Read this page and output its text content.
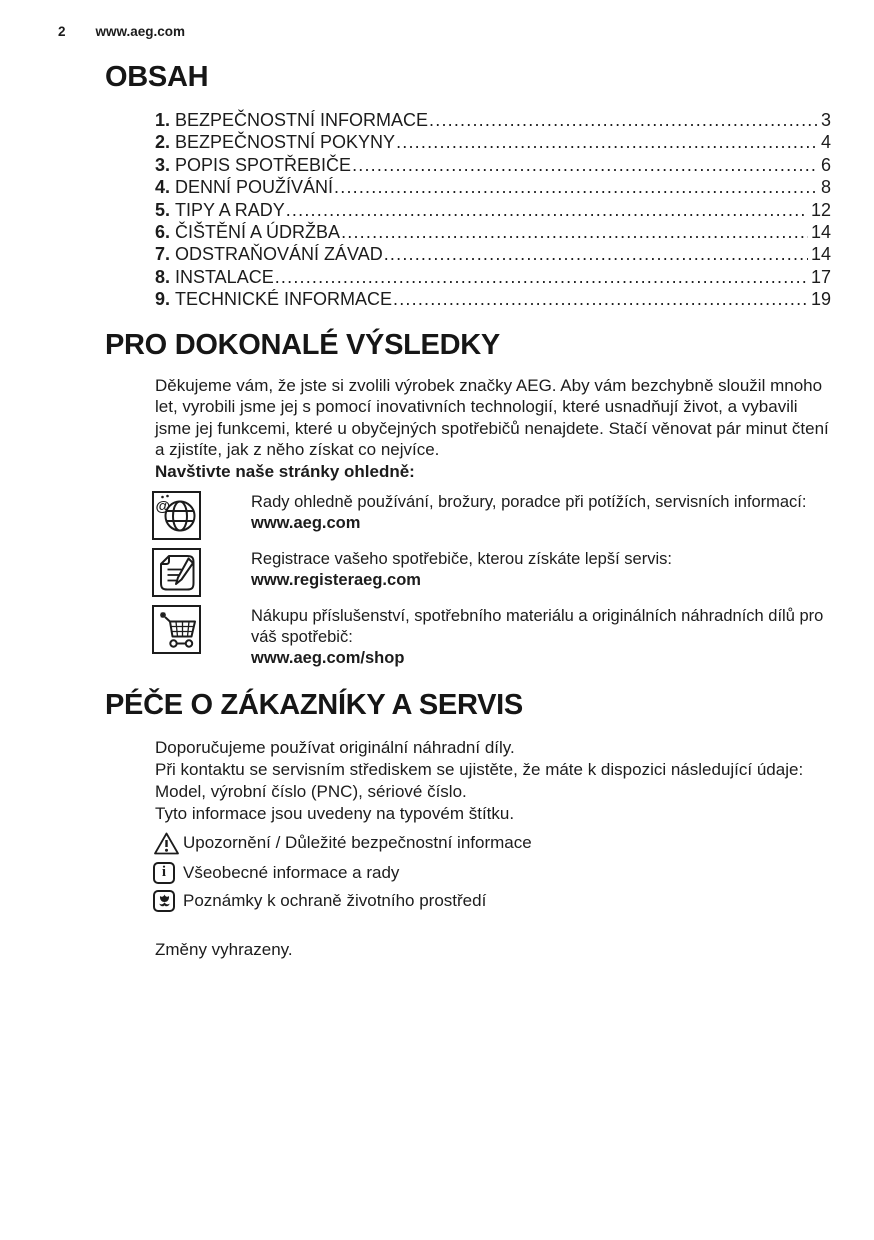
2 www.aeg.com
OBSAH
1. BEZPEČNOSTNÍ INFORMACE .....	3
2. BEZPEČNOSTNÍ POKYNY .....	4
3. POPIS SPOTŘEBIČE .....	6
4. DENNÍ POUŽÍVÁNÍ .....	8
5. TIPY A RADY .....	12
6. ČIŠTĚNÍ A ÚDRŽBA .....	14
7. ODSTRAŇOVÁNÍ ZÁVAD .....	14
8. INSTALACE .....	17
9. TECHNICKÉ INFORMACE .....	19
PRO DOKONALÉ VÝSLEDKY

Děkujeme vám, že jste si zvolili výrobek značky AEG. Aby vám bezchybně sloužil mnoho let, vyrobili jsme jej s pomocí inovativních technologií, které usnadňují život, a vybavili jsme jej funkcemi, které u obyčejných spotřebičů nenajdete. Stačí věnovat pár minut čtení a zjistíte, jak z něho získat co nejvíce.

Navštivte naše stránky ohledně:

@	Rady ohledně používání, brožury, poradce při potížích, servisních informací:
www.aeg.com
Registrace vašeho spotřebiče, kterou získáte lepší servis:
www.registeraeg.com
Nákupu příslušenství, spotřebního materiálu a originálních náhradních dílů pro váš spotřebič:
www.aeg.com/shop
PÉČE O ZÁKAZNÍKY A SERVIS

Doporučujeme používat originální náhradní díly.

Při kontaktu se servisním střediskem se ujistěte, že máte k dispozici následující údaje: Model, výrobní číslo (PNC), sériové číslo.

Tyto informace jsou uvedeny na typovém štítku.

Upozornění / Důležité bezpečnostní informace
i Všeobecné informace a rady
Poznámky k ochraně životního prostředí

Změny vyhrazeny.
